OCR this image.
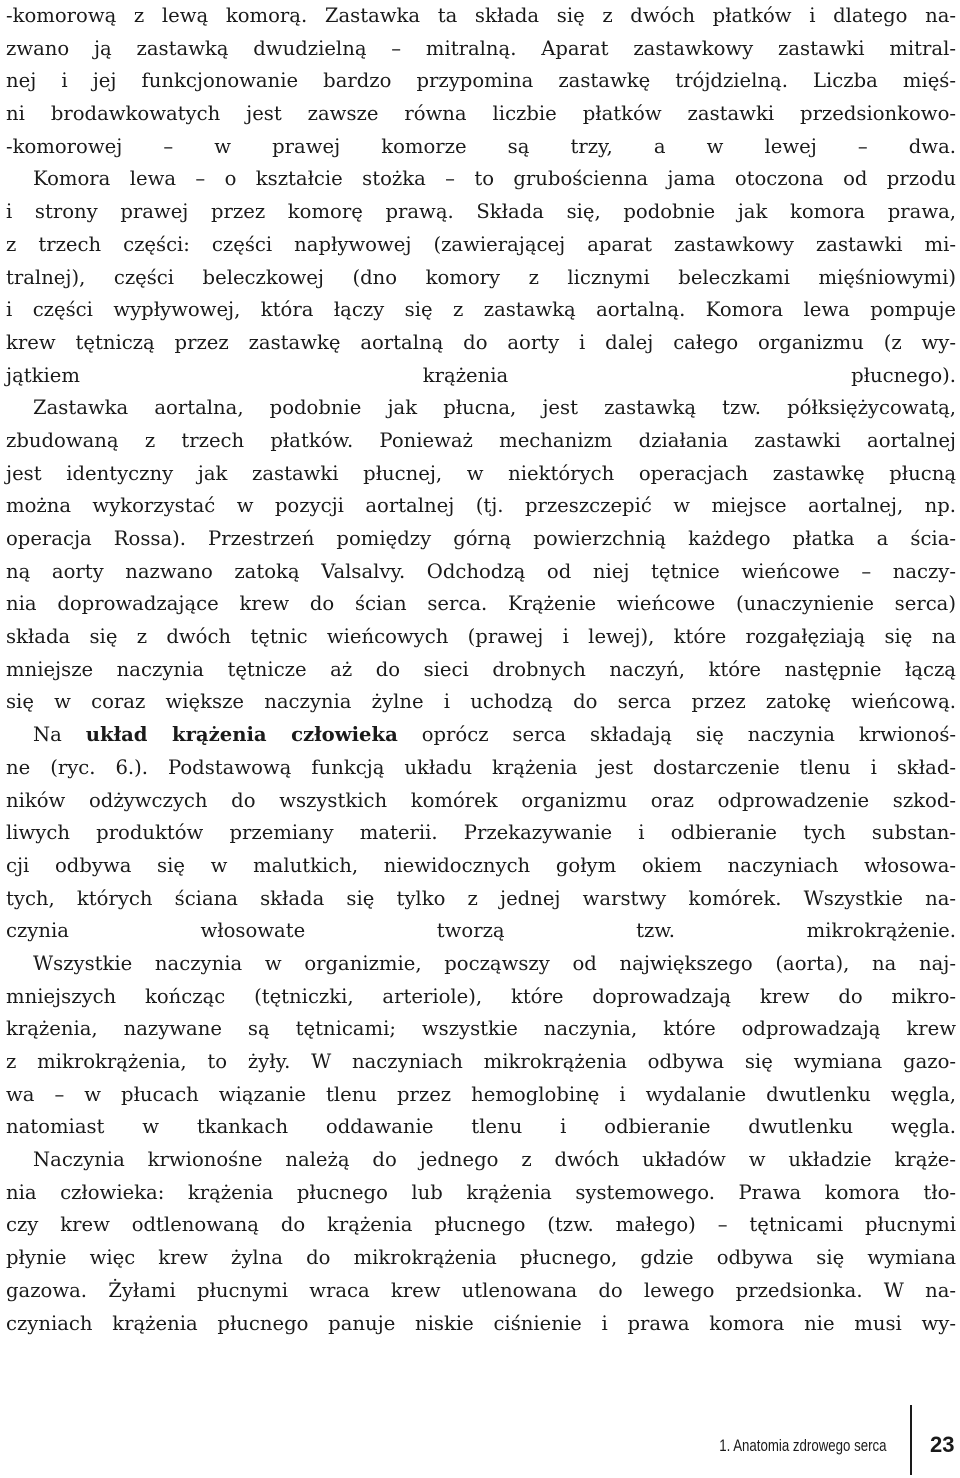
-komorową z lewą komorą. Zastawka ta składa się z dwóch płatków i dlatego na-
zwano ją zastawką dwudzielną – mitralną. Aparat zastawkowy zastawki mitral-
nej i jej funkcjonowanie bardzo przypomina zastawkę trójdzielną. Liczba mięś-
ni brodawkowatych jest zawsze równa liczbie płatków zastawki przedsionkowo-
-komorowej – w prawej komorze są trzy, a w lewej – dwa.
Komora lewa – o kształcie stożka – to grubościenna jama otoczona od przodu
i strony prawej przez komorę prawą. Składa się, podobnie jak komora prawa,
z trzech części: części napływowej (zawierającej aparat zastawkowy zastawki mi-
tralnej), części beleczkowej (dno komory z licznymi beleczkami mięśniowymi)
i części wypływowej, która łączy się z zastawką aortalną. Komora lewa pompuje
krew tętniczą przez zastawkę aortalną do aorty i dalej całego organizmu (z wy-
jątkiem krążenia płucnego).
Zastawka aortalna, podobnie jak płucna, jest zastawką tzw. półksiężycowatą,
zbudowaną z trzech płatków. Ponieważ mechanizm działania zastawki aortalnej
jest identyczny jak zastawki płucnej, w niektórych operacjach zastawkę płucną
można wykorzystać w pozycji aortalnej (tj. przeszczepić w miejsce aortalnej, np.
operacja Rossa). Przestrzeń pomiędzy górną powierzchnią każdego płatka a ścia-
ną aorty nazwano zatoką Valsalvy. Odchodzą od niej tętnice wieńcowe – naczy-
nia doprowadzające krew do ścian serca. Krążenie wieńcowe (unaczynienie serca)
składa się z dwóch tętnic wieńcowych (prawej i lewej), które rozgałęziają się na
mniejsze naczynia tętnicze aż do sieci drobnych naczyń, które następnie łączą
się w coraz większe naczynia żylne i uchodzą do serca przez zatokę wieńcową.
Na układ krążenia człowieka oprócz serca składają się naczynia krwionoś-
ne (ryc. 6.). Podstawową funkcją układu krążenia jest dostarczenie tlenu i skład-
ników odżywczych do wszystkich komórek organizmu oraz odprowadzenie szkod-
liwych produktów przemiany materii. Przekazywanie i odbieranie tych substan-
cji odbywa się w malutkich, niewidocznych gołym okiem naczyniach włosowa-
tych, których ściana składa się tylko z jednej warstwy komórek. Wszystkie na-
czynia włosowate tworzą tzw. mikrokrążenie.
Wszystkie naczynia w organizmie, począwszy od największego (aorta), na naj-
mniejszych kończąc (tętniczki, arteriole), które doprowadzają krew do mikro-
krążenia, nazywane są tętnicami; wszystkie naczynia, które odprowadzają krew
z mikrokrążenia, to żyły. W naczyniach mikrokrążenia odbywa się wymiana gazo-
wa – w płucach wiązanie tlenu przez hemoglobinę i wydalanie dwutlenku węgla,
natomiast w tkankach oddawanie tlenu i odbieranie dwutlenku węgla.
Naczynia krwionośne należą do jednego z dwóch układów w układzie krąże-
nia człowieka: krążenia płucnego lub krążenia systemowego. Prawa komora tło-
czy krew odtlenowaną do krążenia płucnego (tzw. małego) – tętnicami płucnymi
płynie więc krew żylna do mikrokrążenia płucnego, gdzie odbywa się wymiana
gazowa. Żyłami płucnymi wraca krew utlenowana do lewego przedsionka. W na-
czyniach krążenia płucnego panuje niskie ciśnienie i prawa komora nie musi wy-
1. Anatomia zdrowego serca 23
